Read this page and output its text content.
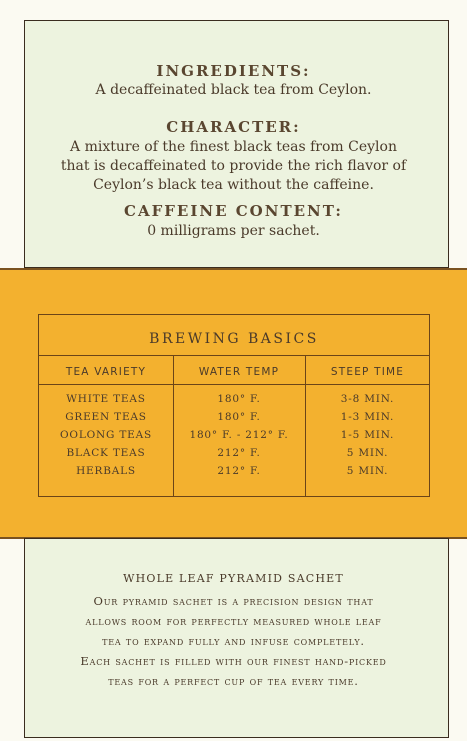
INGREDIENTS:
A decaffeinated black tea from Ceylon.
CHARACTER:
A mixture of the finest black teas from Ceylon
that is decaffeinated to provide the rich flavor of
Ceylon’s black tea without the caffeine.
CAFFEINE CONTENT:
0 milligrams per sachet.
BREWING BASICS
TEA VARIETY	WATER TEMP	STEEP TIME
WHITE TEAS	180° F.	3-8 MIN.
GREEN TEAS	180° F.	1-3 MIN.
OOLONG TEAS	180° F. - 212° F.	1-5 MIN.
BLACK TEAS	212° F.	5 MIN.
HERBALS	212° F.	5 MIN.
WHOLE LEAF PYRAMID SACHET
Our pyramid sachet is a precision design that
allows room for perfectly measured whole leaf
tea to expand fully and infuse completely.
Each sachet is filled with our finest hand-picked
teas for a perfect cup of tea every time.
